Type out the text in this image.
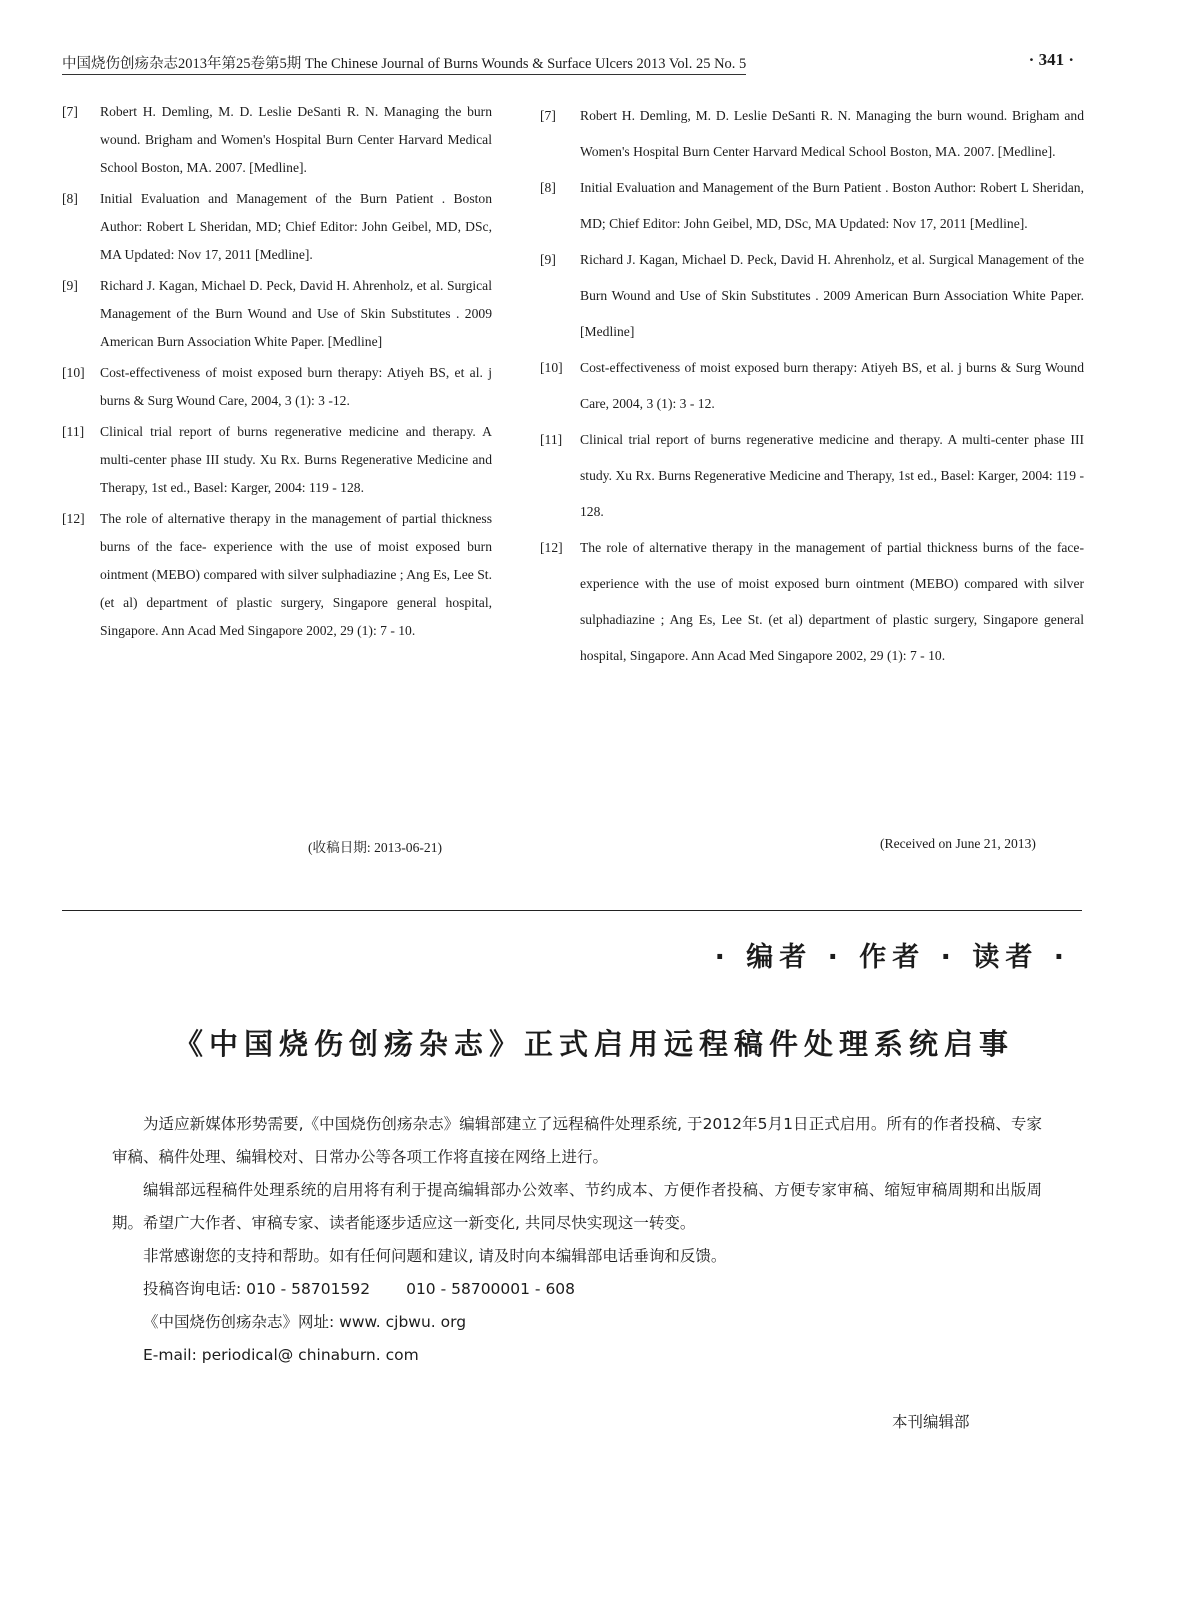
中国烧伤创疡杂志2013年第25卷第5期 The Chinese Journal of Burns Wounds & Surface Ulcers 2013 Vol. 25 No. 5	· 341 ·
[7]	Robert H. Demling, M. D. Leslie DeSanti R. N. Managing the burn wound. Brigham and Women's Hospital Burn Center Harvard Medical School Boston, MA. 2007. [Medline].
[8]	Initial Evaluation and Management of the Burn Patient . Boston Author: Robert L Sheridan, MD; Chief Editor: John Geibel, MD, DSc, MA Updated: Nov 17, 2011 [Medline].
[9]	Richard J. Kagan, Michael D. Peck, David H. Ahrenholz, et al. Surgical Management of the Burn Wound and Use of Skin Substitutes . 2009 American Burn Association White Paper. [Medline]
[10]	Cost-effectiveness of moist exposed burn therapy: Atiyeh BS, et al. j burns & Surg Wound Care, 2004, 3 (1): 3 -12.
[11]	Clinical trial report of burns regenerative medicine and therapy. A multi-center phase III study. Xu Rx. Burns Regenerative Medicine and Therapy, 1st ed., Basel: Karger, 2004: 119 - 128.
[12]	The role of alternative therapy in the management of partial thickness burns of the face- experience with the use of moist exposed burn ointment (MEBO) compared with silver sulphadiazine ; Ang Es, Lee St. (et al) department of plastic surgery, Singapore general hospital, Singapore. Ann Acad Med Singapore 2002, 29 (1): 7 - 10.
[7]	Robert H. Demling, M. D. Leslie DeSanti R. N. Managing the burn wound. Brigham and Women's Hospital Burn Center Harvard Medical School Boston, MA. 2007. [Medline].
[8]	Initial Evaluation and Management of the Burn Patient . Boston Author: Robert L Sheridan, MD; Chief Editor: John Geibel, MD, DSc, MA Updated: Nov 17, 2011 [Medline].
[9]	Richard J. Kagan, Michael D. Peck, David H. Ahrenholz, et al. Surgical Management of the Burn Wound and Use of Skin Substitutes . 2009 American Burn Association White Paper. [Medline]
[10]	Cost-effectiveness of moist exposed burn therapy: Atiyeh BS, et al. j burns & Surg Wound Care, 2004, 3 (1): 3 - 12.
[11]	Clinical trial report of burns regenerative medicine and therapy. A multi-center phase III study. Xu Rx. Burns Regenerative Medicine and Therapy, 1st ed., Basel: Karger, 2004: 119 - 128.
[12]	The role of alternative therapy in the management of partial thickness burns of the face- experience with the use of moist exposed burn ointment (MEBO) compared with silver sulphadiazine ; Ang Es, Lee St. (et al) department of plastic surgery, Singapore general hospital, Singapore. Ann Acad Med Singapore 2002, 29 (1): 7 - 10.
(收稿日期: 2013-06-21)	(Received on June 21, 2013)
· 编者 · 作者 · 读者 ·
《中国烧伤创疡杂志》正式启用远程稿件处理系统启事

为适应新媒体形势需要,《中国烧伤创疡杂志》编辑部建立了远程稿件处理系统, 于2012年5月1日正式启用。所有的作者投稿、专家审稿、稿件处理、编辑校对、日常办公等各项工作将直接在网络上进行。

编辑部远程稿件处理系统的启用将有利于提高编辑部办公效率、节约成本、方便作者投稿、方便专家审稿、缩短审稿周期和出版周期。希望广大作者、审稿专家、读者能逐步适应这一新变化, 共同尽快实现这一转变。

非常感谢您的支持和帮助。如有任何问题和建议, 请及时向本编辑部电话垂询和反馈。

投稿咨询电话: 010 - 58701592 010 - 58700001 - 608
《中国烧伤创疡杂志》网址: www. cjbwu. org
E-mail: periodical@ chinaburn. com
本刊编辑部
